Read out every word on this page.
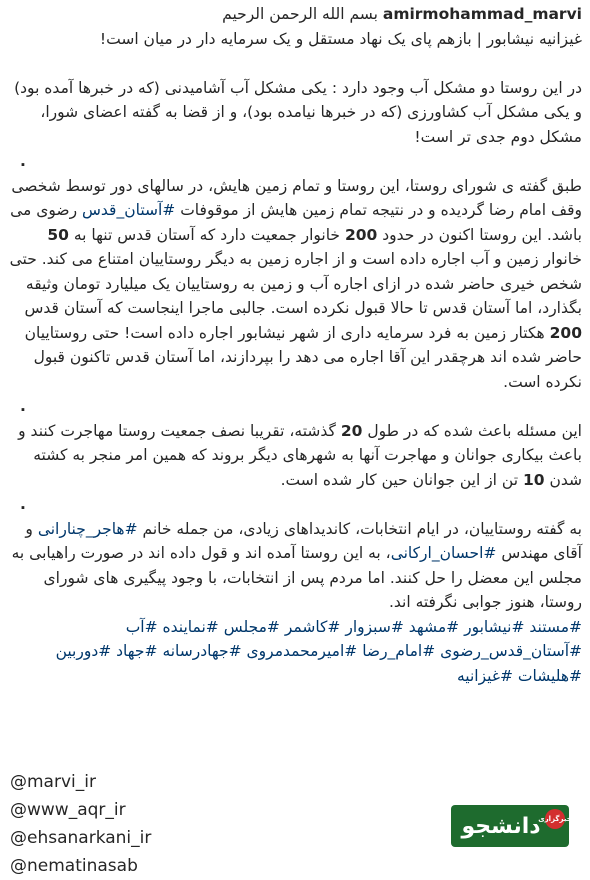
amirmohammad_marvi بسم الله الرحمن الرحیم

غیزانیه نیشابور | بازهم پای یک نهاد مستقل و یک سرمایه دار در میان است!

در این روستا دو مشکل آب وجود دارد : یکی مشکل آب آشامیدنی (که در خبرها آمده بود) و یکی مشکل آب کشاورزی (که در خبرها نیامده بود)، و از قضا به گفته اعضای شورا، مشکل دوم جدی تر است!

.

طبق گفته ی شورای روستا، این روستا و تمام زمین هایش، در سالهای دور توسط شخصی وقف امام رضا گردیده و در نتیجه تمام زمین هایش از موقوفات #آستان_قدس رضوی می باشد. این روستا اکنون در حدود 200 خانوار جمعیت دارد که آستان قدس تنها به 50 خانوار زمین و آب اجاره داده است و از اجاره زمین به دیگر روستاییان امتناع می کند. حتی شخص خیری حاضر شده در ازای اجاره آب و زمین به روستاییان یک میلیارد تومان وثیقه بگذارد، اما آستان قدس تا حالا قبول نکرده است. جالبی ماجرا اینجاست که آستان قدس 200 هکتار زمین به فرد سرمایه داری از شهر نیشابور اجاره داده است! حتی روستاییان حاضر شده اند هرچقدر این آقا اجاره می دهد را بپردازند، اما آستان قدس تاکنون قبول نکرده است.

.

این مسئله باعث شده که در طول 20 گذشته، تقریبا نصف جمعیت روستا مهاجرت کنند و باعث بیکاری جوانان و مهاجرت آنها به شهرهای دیگر بروند که همین امر منجر به کشته شدن 10 تن از این جوانان حین کار شده است.

.

به گفته روستاییان، در ایام انتخابات، کاندیداهای زیادی، من جمله خانم #هاجر_چنارانی و آقای مهندس #احسان_ارکانی، به این روستا آمده اند و قول داده اند در صورت راهیابی به مجلس این معضل را حل کنند. اما مردم پس از انتخابات، با وجود پیگیری های شورای روستا، هنوز جوابی نگرفته اند.

#مستند #نیشابور #مشهد #سبزوار #کاشمر #مجلس #نماینده #آب #آستان_قدس_رضوی #امام_رضا #امیرمحمدمروی #جهادرسانه #جهاد #دوربین #هلیشات #غیزانیه

@marvi_ir
@www_aqr_ir
@ehsanarkani_ir
@nematinasab
دانشجو
خبرگزاری
